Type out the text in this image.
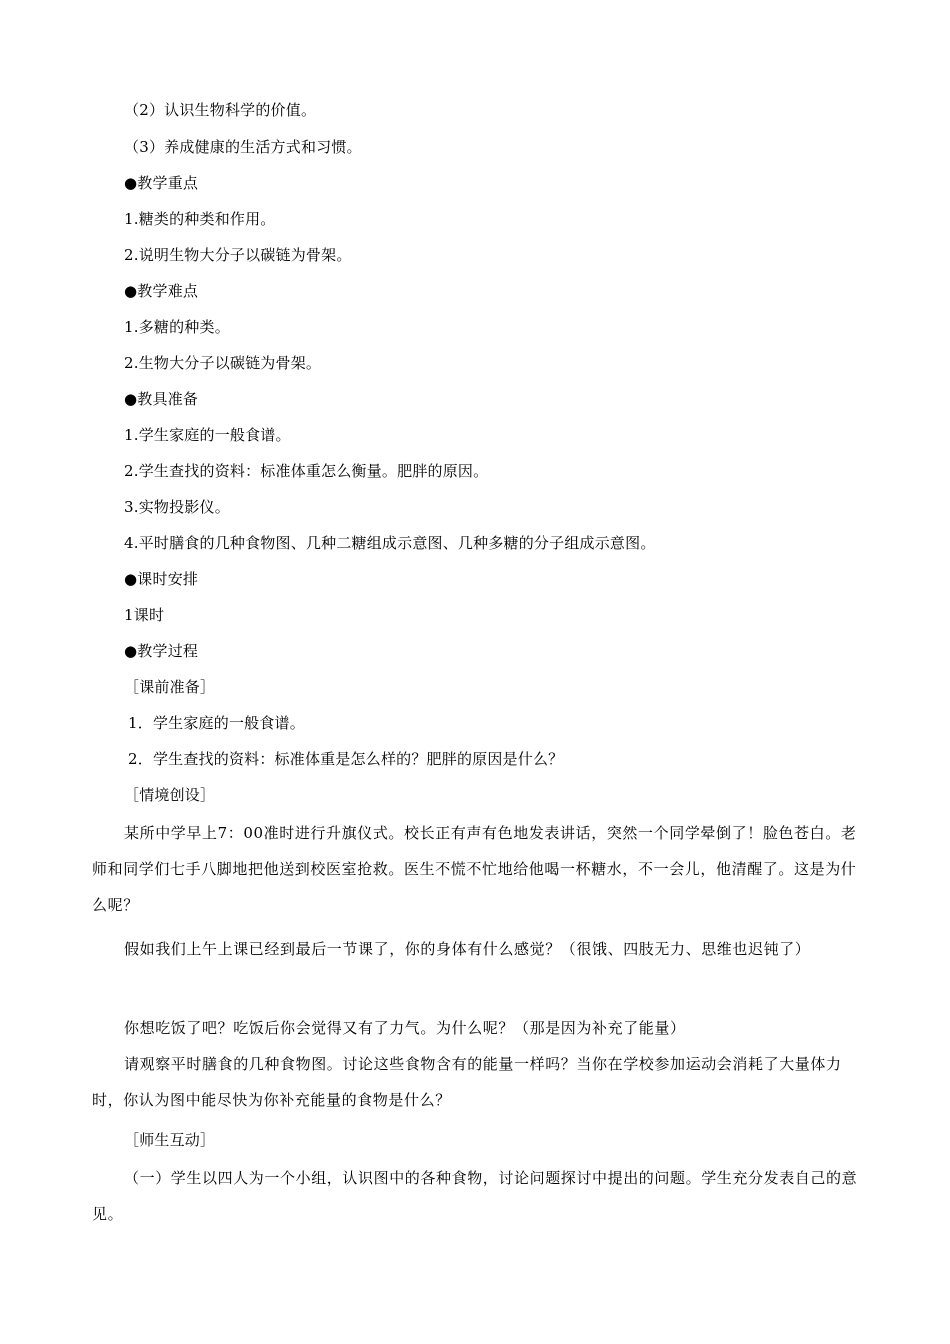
（2）认识生物科学的价值。
（3）养成健康的生活方式和习惯。
●教学重点
1.糖类的种类和作用。
2.说明生物大分子以碳链为骨架。
●教学难点
1.多糖的种类。
2.生物大分子以碳链为骨架。
●教具准备
1.学生家庭的一般食谱。
2.学生查找的资料：标准体重怎么衡量。肥胖的原因。
3.实物投影仪。
4.平时膳食的几种食物图、几种二糖组成示意图、几种多糖的分子组成示意图。
●课时安排
1课时
●教学过程
［课前准备］
1．学生家庭的一般食谱。
2．学生查找的资料：标准体重是怎么样的？肥胖的原因是什么？
［情境创设］
某所中学早上7：00准时进行升旗仪式。校长正有声有色地发表讲话，突然一个同学晕倒了！脸色苍白。老师和同学们七手八脚地把他送到校医室抢救。医生不慌不忙地给他喝一杯糖水，不一会儿，他清醒了。这是为什么呢？
假如我们上午上课已经到最后一节课了，你的身体有什么感觉？（很饿、四肢无力、思维也迟钝了）
你想吃饭了吧？吃饭后你会觉得又有了力气。为什么呢？（那是因为补充了能量）
请观察平时膳食的几种食物图。讨论这些食物含有的能量一样吗？当你在学校参加运动会消耗了大量体力时，你认为图中能尽快为你补充能量的食物是什么？
［师生互动］
（一）学生以四人为一个小组，认识图中的各种食物，讨论问题探讨中提出的问题。学生充分发表自己的意见。
